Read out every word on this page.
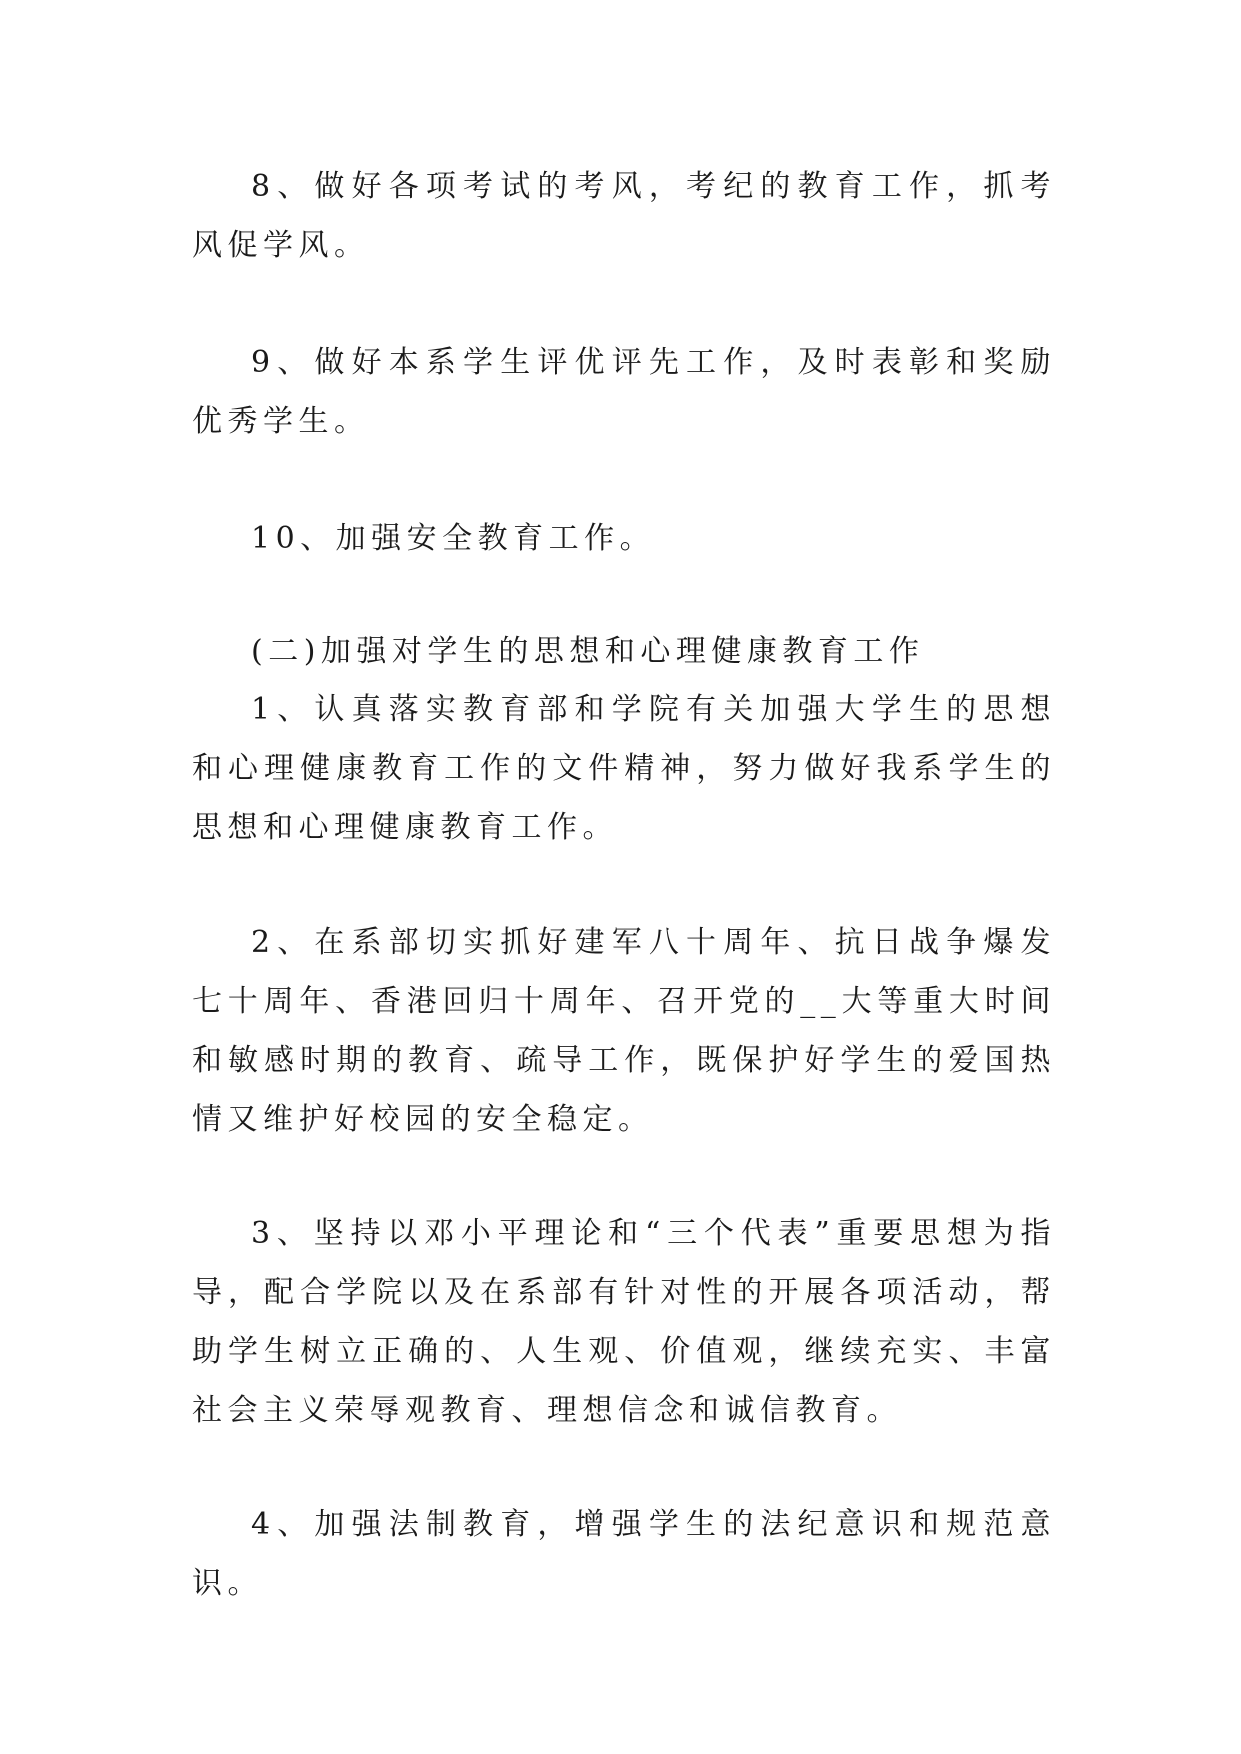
8、做好各项考试的考风，考纪的教育工作，抓考风促学风。

9、做好本系学生评优评先工作，及时表彰和奖励优秀学生。

10、加强安全教育工作。

(二)加强对学生的思想和心理健康教育工作

1、认真落实教育部和学院有关加强大学生的思想和心理健康教育工作的文件精神，努力做好我系学生的思想和心理健康教育工作。

2、在系部切实抓好建军八十周年、抗日战争爆发七十周年、香港回归十周年、召开党的__大等重大时间和敏感时期的教育、疏导工作，既保护好学生的爱国热情又维护好校园的安全稳定。

3、坚持以邓小平理论和“三个代表”重要思想为指导，配合学院以及在系部有针对性的开展各项活动，帮助学生树立正确的、人生观、价值观，继续充实、丰富社会主义荣辱观教育、理想信念和诚信教育。

4、加强法制教育，增强学生的法纪意识和规范意识。
